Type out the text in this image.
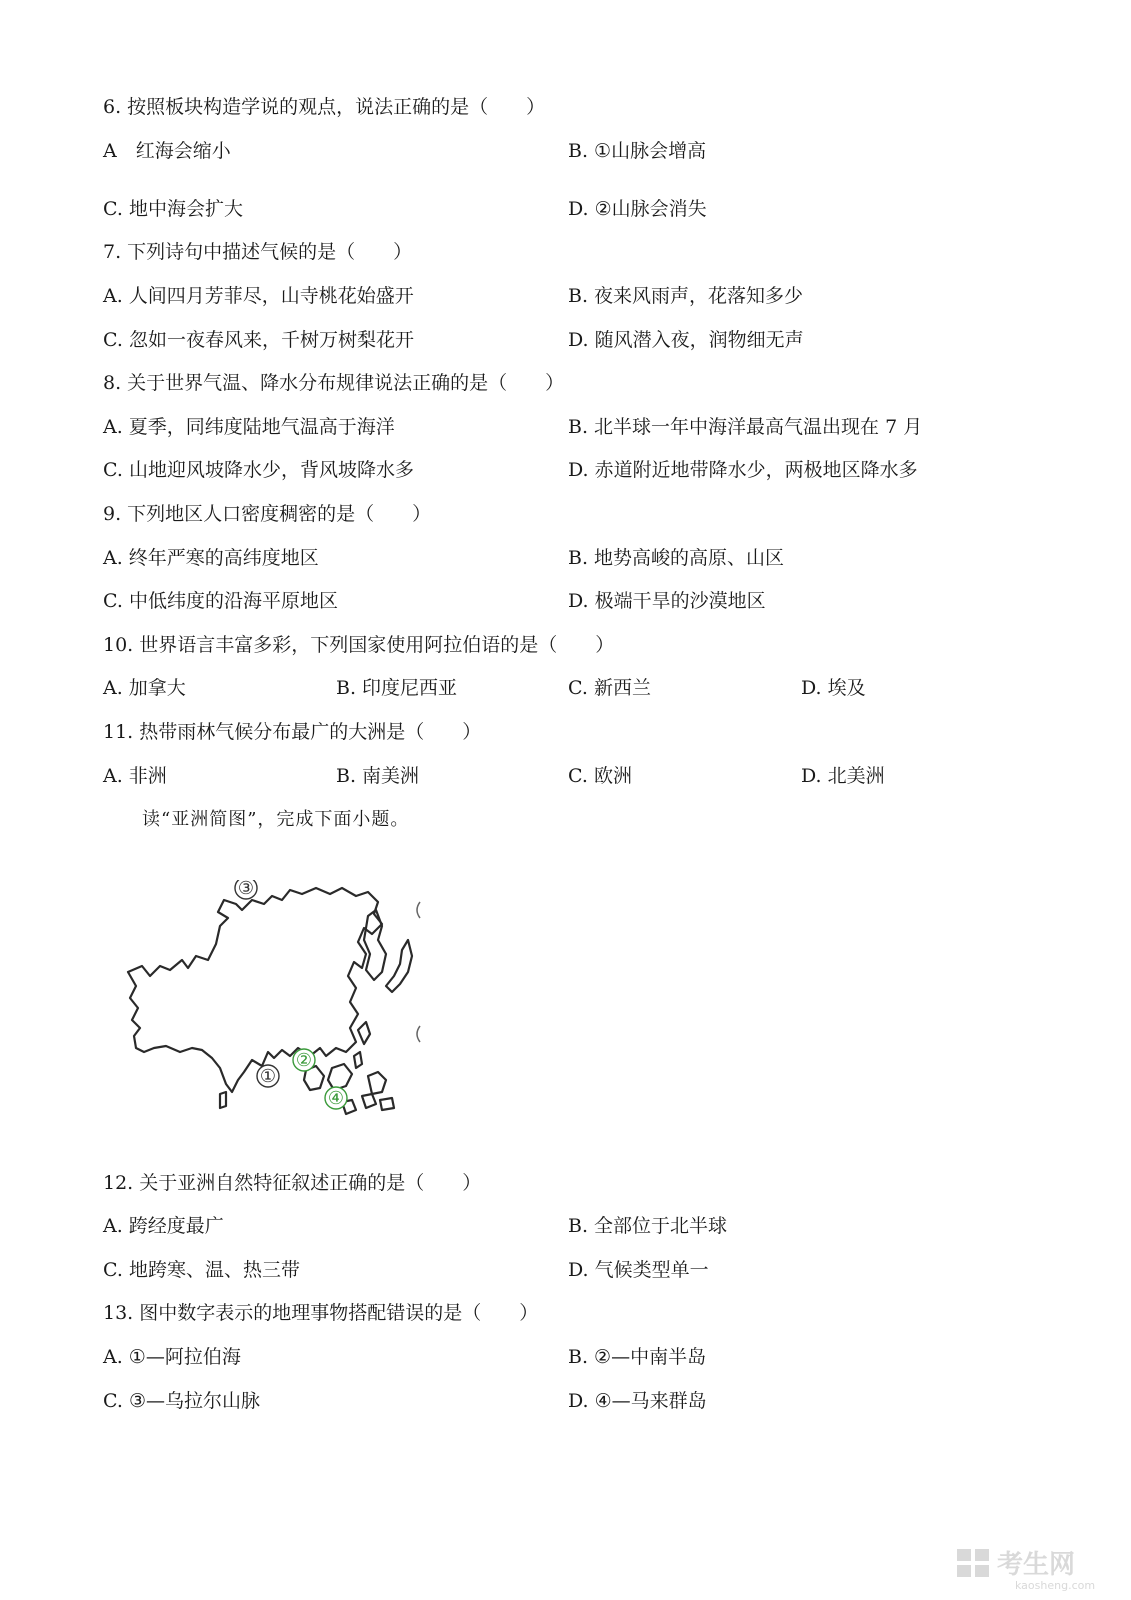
6. 按照板块构造学说的观点，说法正确的是（　　）
A　红海会缩小	B. ①山脉会增高
C. 地中海会扩大	D. ②山脉会消失
7. 下列诗句中描述气候的是（　　）
A. 人间四月芳菲尽，山寺桃花始盛开	B. 夜来风雨声，花落知多少
C. 忽如一夜春风来，千树万树梨花开	D. 随风潜入夜，润物细无声
8. 关于世界气温、降水分布规律说法正确的是（　　）
A. 夏季，同纬度陆地气温高于海洋	B. 北半球一年中海洋最高气温出现在 7 月
C. 山地迎风坡降水少，背风坡降水多	D. 赤道附近地带降水少，两极地区降水多
9. 下列地区人口密度稠密的是（　　）
A. 终年严寒的高纬度地区	B. 地势高峻的高原、山区
C. 中低纬度的沿海平原地区	D. 极端干旱的沙漠地区
10. 世界语言丰富多彩，下列国家使用阿拉伯语的是（　　）
A. 加拿大	B. 印度尼西亚	C. 新西兰	D. 埃及
11. 热带雨林气候分布最广的大洲是（　　）
A. 非洲	B. 南美洲	C. 欧洲	D. 北美洲
读“亚洲简图”，完成下面小题。
③
①
②
④
12. 关于亚洲自然特征叙述正确的是（　　）
A. 跨经度最广	B. 全部位于北半球
C. 地跨寒、温、热三带	D. 气候类型单一
13. 图中数字表示的地理事物搭配错误的是（　　）
A. ①—阿拉伯海	B. ②—中南半岛
C. ③—乌拉尔山脉	D. ④—马来群岛
考生网
kaosheng.com
